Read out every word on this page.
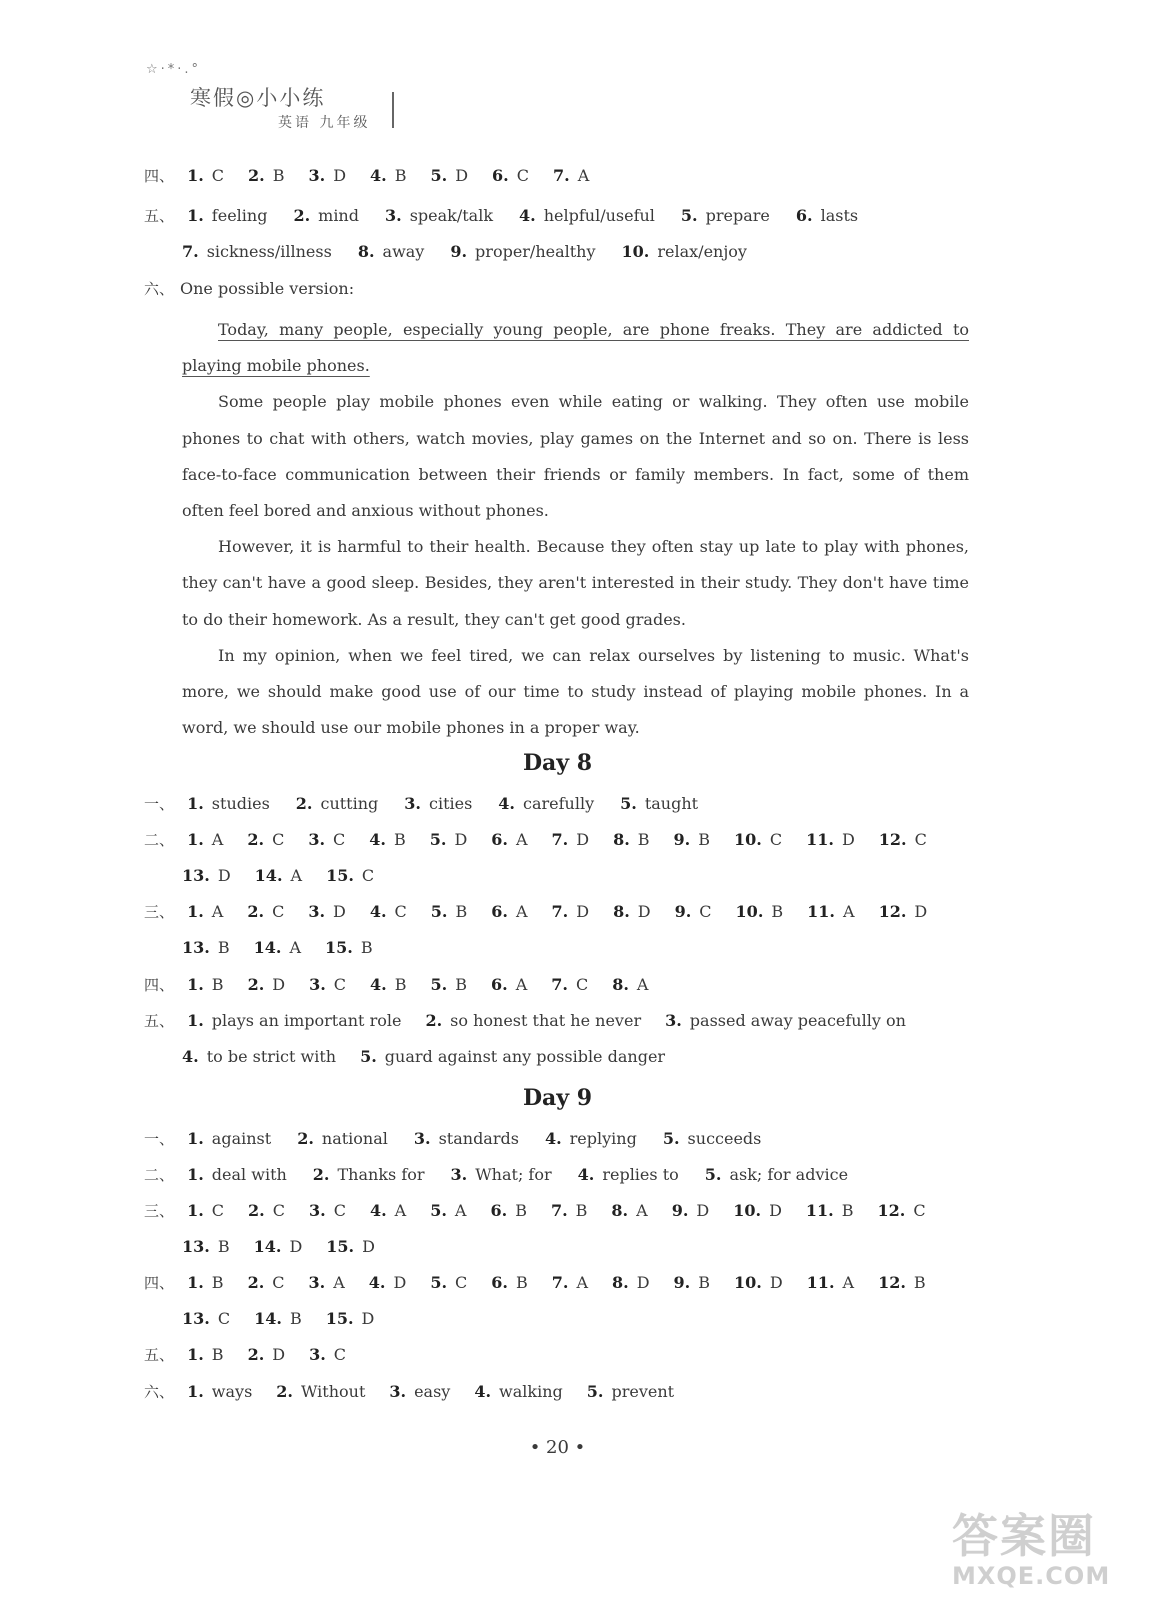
☆·*·.°
寒假◎小小练
英语 九年级
四、 1. C 2. B 3. D 4. B 5. D 6. C 7. A
五、 1. feeling 2. mind 3. speak/talk 4. helpful/useful 5. prepare 6. lasts
7. sickness/illness 8. away 9. proper/healthy 10. relax/enjoy
六、 One possible version:

Today, many people, especially young people, are phone freaks. They are addicted to playing mobile phones.

Some people play mobile phones even while eating or walking. They often use mobile phones to chat with others, watch movies, play games on the Internet and so on. There is less face-to-face communication between their friends or family members. In fact, some of them often feel bored and anxious without phones.

However, it is harmful to their health. Because they often stay up late to play with phones, they can't have a good sleep. Besides, they aren't interested in their study. They don't have time to do their homework. As a result, they can't get good grades.

In my opinion, when we feel tired, we can relax ourselves by listening to music. What's more, we should make good use of our time to study instead of playing mobile phones. In a word, we should use our mobile phones in a proper way.

Day 8
一、 1. studies 2. cutting 3. cities 4. carefully 5. taught
二、 1. A 2. C 3. C 4. B 5. D 6. A 7. D 8. B 9. B 10. C 11. D 12. C
13. D 14. A 15. C
三、 1. A 2. C 3. D 4. C 5. B 6. A 7. D 8. D 9. C 10. B 11. A 12. D
13. B 14. A 15. B
四、 1. B 2. D 3. C 4. B 5. B 6. A 7. C 8. A
五、 1. plays an important role 2. so honest that he never 3. passed away peacefully on
4. to be strict with 5. guard against any possible danger
Day 9
一、 1. against 2. national 3. standards 4. replying 5. succeeds
二、 1. deal with 2. Thanks for 3. What; for 4. replies to 5. ask; for advice
三、 1. C 2. C 3. C 4. A 5. A 6. B 7. B 8. A 9. D 10. D 11. B 12. C
13. B 14. D 15. D
四、 1. B 2. C 3. A 4. D 5. C 6. B 7. A 8. D 9. B 10. D 11. A 12. B
13. C 14. B 15. D
五、 1. B 2. D 3. C
六、 1. ways 2. Without 3. easy 4. walking 5. prevent
• 20 •
答案圈
MXQE.COM
